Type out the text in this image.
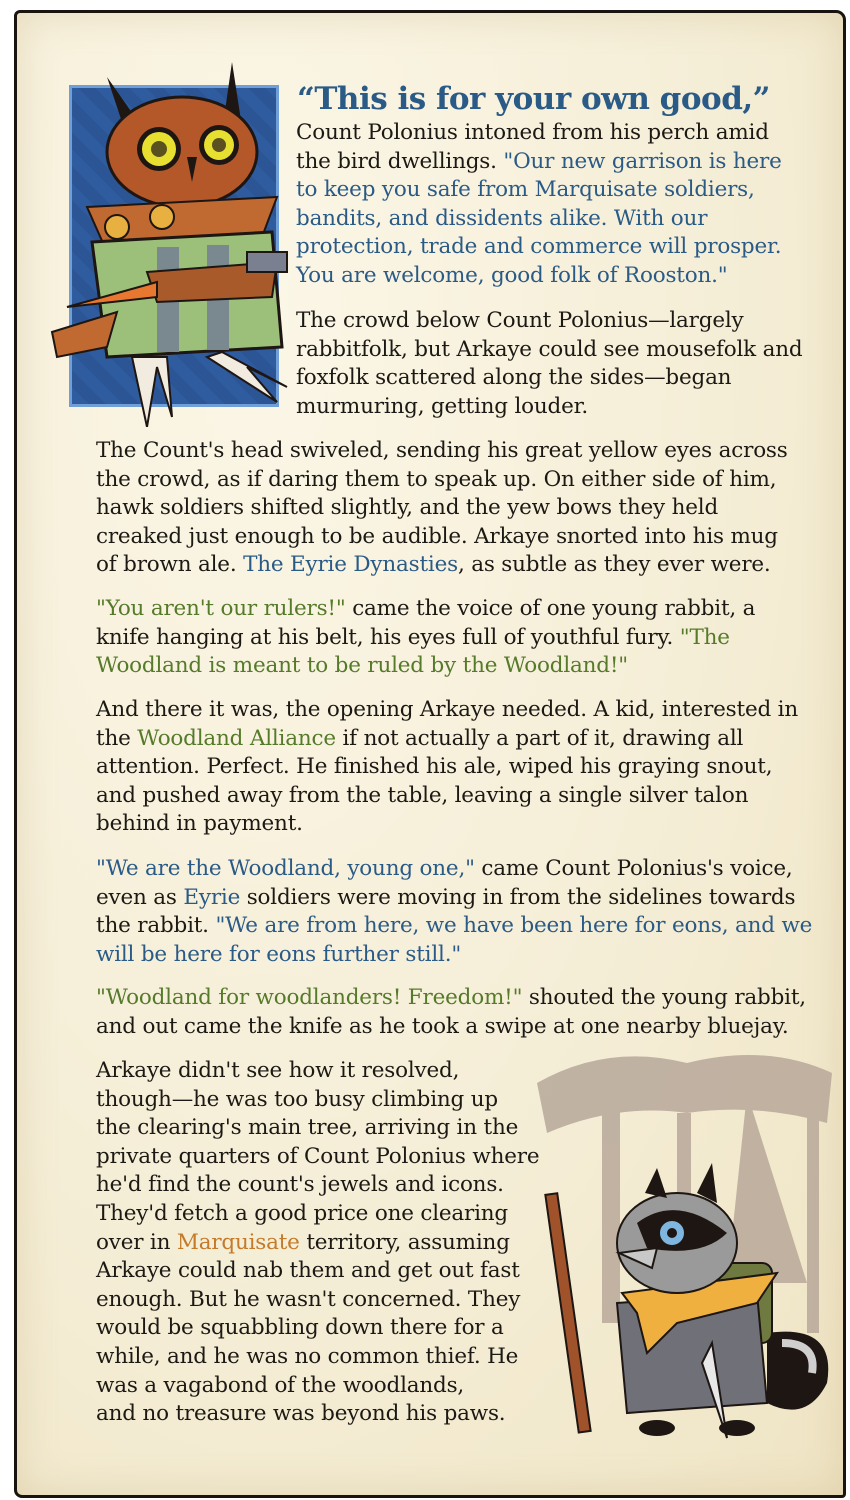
“This is for your own good,”
Count Polonius intoned from his perch amid
the bird dwellings. "Our new garrison is here
to keep you safe from Marquisate soldiers,
bandits, and dissidents alike. With our
protection, trade and commerce will prosper.
You are welcome, good folk of Rooston."
The crowd below Count Polonius—largely
rabbitfolk, but Arkaye could see mousefolk and
foxfolk scattered along the sides—began
murmuring, getting louder.
The Count's head swiveled, sending his great yellow eyes across
the crowd, as if daring them to speak up. On either side of him,
hawk soldiers shifted slightly, and the yew bows they held
creaked just enough to be audible. Arkaye snorted into his mug
of brown ale. The Eyrie Dynasties, as subtle as they ever were.
"You aren't our rulers!" came the voice of one young rabbit, a
knife hanging at his belt, his eyes full of youthful fury. "The
Woodland is meant to be ruled by the Woodland!"
And there it was, the opening Arkaye needed. A kid, interested in
the Woodland Alliance if not actually a part of it, drawing all
attention. Perfect. He finished his ale, wiped his graying snout,
and pushed away from the table, leaving a single silver talon
behind in payment.
"We are the Woodland, young one," came Count Polonius's voice,
even as Eyrie soldiers were moving in from the sidelines towards
the rabbit. "We are from here, we have been here for eons, and we
will be here for eons further still."
"Woodland for woodlanders! Freedom!" shouted the young rabbit,
and out came the knife as he took a swipe at one nearby bluejay.
Arkaye didn't see how it resolved,
though—he was too busy climbing up
the clearing's main tree, arriving in the
private quarters of Count Polonius where
he'd find the count's jewels and icons.
They'd fetch a good price one clearing
over in Marquisate territory, assuming
Arkaye could nab them and get out fast
enough. But he wasn't concerned. They
would be squabbling down there for a
while, and he was no common thief. He
was a vagabond of the woodlands,
and no treasure was beyond his paws.
